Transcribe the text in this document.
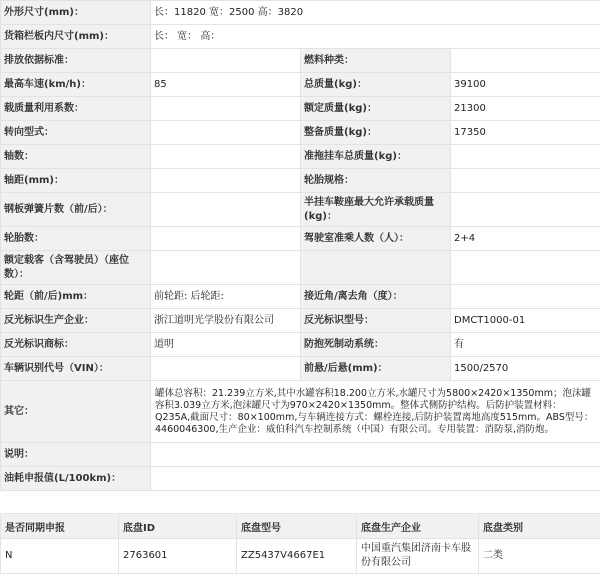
外形尺寸(mm)：	长：11820 宽：2500 高：3820		
货箱栏板内尺寸(mm)：	长： 宽： 高：		
排放依据标准：		燃料种类：	
最高车速(km/h)：	85	总质量(kg)：	39100
载质量利用系数：		额定质量(kg)：	21300
转向型式：		整备质量(kg)：	17350
轴数：		准拖挂车总质量(kg)：	
轴距(mm)：		轮胎规格：	
钢板弹簧片数（前/后）：		半挂车鞍座最大允许承载质量(kg)：	
轮胎数：		驾驶室准乘人数（人）：	2+4
额定载客（含驾驶员）（座位数）：			
轮距（前/后)mm：	前轮距: 后轮距:	接近角/离去角（度）：	
反光标识生产企业：	浙江道明光学股份有限公司	反光标识型号：	DMCT1000-01
反光标识商标：	道明	防抱死制动系统：	有
车辆识别代号（VIN）：		前悬/后悬(mm)：	1500/2570
其它：	罐体总容积：21.239立方米,其中水罐容积18.200立方米,水罐尺寸为5800×2420×1350mm；泡沫罐容积3.039立方米,泡沫罐尺寸为970×2420×1350mm。整体式侧防护结构。后防护装置材料：Q235A,截面尺寸：80×100mm,与车辆连接方式：螺栓连接,后防护装置离地高度515mm。ABS型号：4460046300,生产企业：威伯科汽车控制系统（中国）有限公司。专用装置：消防泵,消防炮。		
说明：			
油耗申报值(L/100km)：			
是否同期申报	底盘ID	底盘型号	底盘生产企业	底盘类别
N	2763601	ZZ5437V4667E1	中国重汽集团济南卡车股份有限公司	二类
